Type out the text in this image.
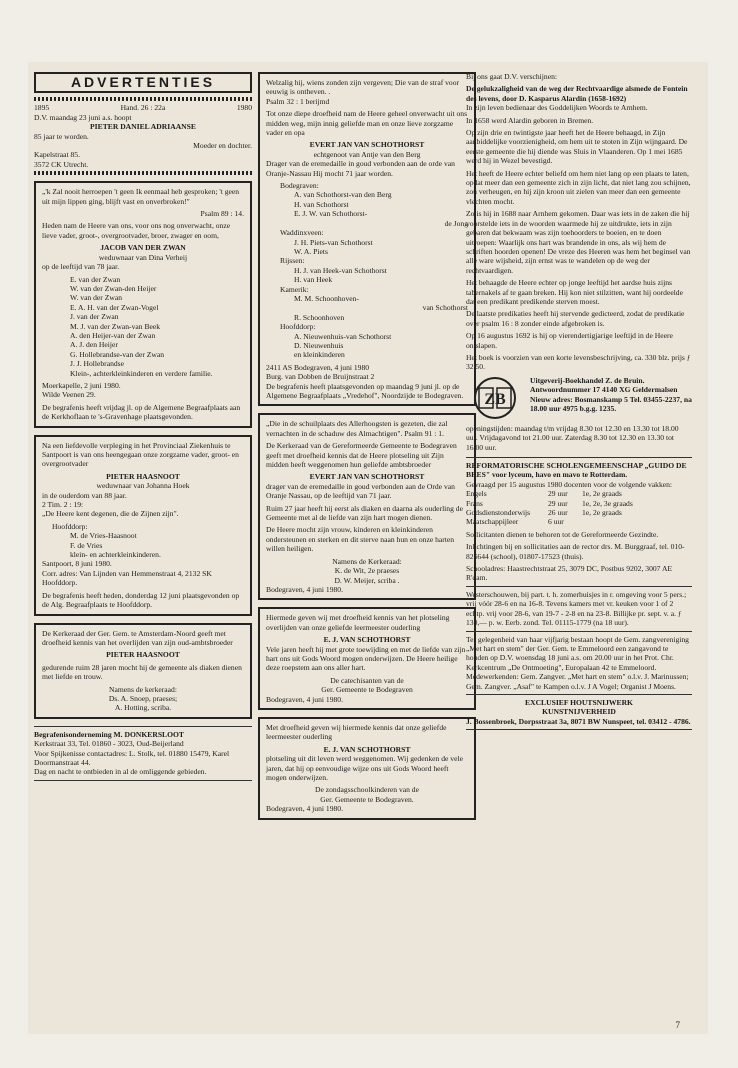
ADVERTENTIES
1895	Hand. 26 : 22a	1980
D.V. maandag 23 juni a.s. hoopt
PIETER DANIEL ADRIAANSE
85 jaar te worden.
Moeder en dochter.
Kapelstraat 85.
3572 CK Utrecht.
„'k Zal nooit herroepen 't geen Ik eenmaal heb gesproken; 't geen uit mijn lippen ging, blijft vast en onverbroken!"
Psalm 89 : 14.
Heden nam de Heere van ons, voor ons nog onverwacht, onze lieve vader, groot-, overgrootvader, broer, zwager en oom,
JACOB VAN DER ZWAN
weduwnaar van Dina Verheij
op de leeftijd van 78 jaar.
E. van der Zwan
W. van der Zwan-den Heijer
W. van der Zwan
E. A. H. van der Zwan-Vogel
J. van der Zwan
M. J. van der Zwan-van Beek
A. den Heijer-van der Zwan
A. J. den Heijer
G. Hollebrandse-van der Zwan
J. J. Hollebrandse
Klein-, achterkleinkinderen en verdere familie.
Moerkapelle, 2 juni 1980.
Wilde Veenen 29.
De begrafenis heeft vrijdag jl. op de Algemene Begraafplaats aan de Kerkhoflaan te 's-Gravenhage plaatsgevonden.
Na een liefdevolle verpleging in het Provinciaal Ziekenhuis te Santpoort is van ons heengegaan onze zorgzame vader, groot- en overgrootvader
PIETER HAASNOOT
weduwnaar van Johanna Hoek
in de ouderdom van 88 jaar.
2 Tim. 2 : 19:
„De Heere kent degenen, die de Zijnen zijn".
Hoofddorp:
M. de Vries-Haasnoot
F. de Vries
klein- en achterkleinkinderen.
Santpoort, 8 juni 1980.
Corr. adres: Van Lijnden van Hemmenstraat 4, 2132 SK Hoofddorp.
De begrafenis heeft heden, donderdag 12 juni plaatsgevonden op de Alg. Begraafplaats te Hoofddorp.
De Kerkeraad der Ger. Gem. te Amsterdam-Noord geeft met droefheid kennis van het overlijden van zijn oud-ambtsbroeder
PIETER HAASNOOT
gedurende ruim 28 jaren mocht hij de gemeente als diaken dienen met liefde en trouw.
Namens de kerkeraad:
Ds. A. Snoep, praeses;
A. Hotting, scriba.
Begrafenisonderneming M. DONKERSLOOT
Kerkstraat 33, Tel. 01860 - 3023, Oud-Beijerland
Voor Spijkenisse contactadres: L. Stolk, tel. 01880 15479, Karel Doormanstraat 44.
Dag en nacht te ontbieden in al de omliggende gebieden.
Welzalig hij, wiens zonden zijn vergeven; Die van de straf voor eeuwig is ontheven. .
Psalm 32 : 1 berijmd
Tot onze diepe droefheid nam de Heere geheel onverwacht uit ons midden weg, mijn innig geliefde man en onze lieve zorgzame vader en opa
EVERT JAN VAN SCHOTHORST
echtgenoot van Antje van den Berg
Drager van de eremedaille in goud verbonden aan de orde van Oranje-Nassau Hij mocht 71 jaar worden.
Bodegraven:
A. van Schothorst-van den Berg
H. van Schothorst
E. J. W. van Schothorst-
de Jong
Waddinxveen:
J. H. Piets-van Schothorst
W. A. Piets
Rijssen:
H. J. van Heek-van Schothorst
H. van Heek
Kamerik:
M. M. Schoonhoven-
van Schothorst
R. Schoonhoven
Hoofddorp:
A. Nieuwenhuis-van Schothorst
D. Nieuwenhuis
en kleinkinderen
2411 AS Bodegraven, 4 juni 1980
Burg. van Dobben de Bruijnstraat 2
De begrafenis heeft plaatsgevonden op maandag 9 juni jl. op de Algemene Begraafplaats „Vredehof", Noordzijde te Bodegraven.
„Die in de schuilplaats des Allerhoogsten is gezeten, die zal vernachten in de schaduw des Almachtigen". Psalm 91 : 1.
De Kerkeraad van de Gereformeerde Gemeente te Bodegraven geeft met droefheid kennis dat de Heere plotseling uit Zijn midden heeft weggenomen hun geliefde ambtsbroeder
EVERT JAN VAN SCHOTHORST
drager van de eremedaille in goud verbonden aan de Orde van Oranje Nassau, op de leeftijd van 71 jaar.
Ruim 27 jaar heeft hij eerst als diaken en daarna als ouderling de Gemeente met al de liefde van zijn hart mogen dienen.
De Heere mocht zijn vrouw, kinderen en kleinkinderen ondersteunen en sterken en dit sterve naan hun en onze harten willen heiligen.
Namens de Kerkeraad:
K. de Wit, 2e praeses
D. W. Meijer, scriba .
Bodegraven, 4 juni 1980.
Hiermede geven wij met droefheid kennis van het plotseling overlijden van onze geliefde leermeester ouderling
E. J. VAN SCHOTHORST
Vele jaren heeft hij met grote toewijding en met de liefde van zijn hart ons uit Gods Woord mogen onderwijzen. De Heere heilige deze roepstem aan ons aller hart.
De catechisanten van de
Ger. Gemeente te Bodegraven
Bodegraven, 4 juni 1980.
Met droefheid geven wij hiermede kennis dat onze geliefde leermeester ouderling
E. J. VAN SCHOTHORST
plotseling uit dit leven werd weggenomen. Wij gedenken de vele jaren, dat hij op eenvoudige wijze ons uit Gods Woord heeft mogen onderwijzen.
De zondagsschoolkinderen van de
Ger. Gemeente te Bodegraven.
Bodegraven, 4 juni 1980.
Bij ons gaat D.V. verschijnen:
De gelukzaligheid van de weg der Rechtvaardige alsmede de Fontein des levens, door D. Kasparus Alardin (1658-1692)
In zijn leven bedienaar des Goddelijken Woords te Arnhem.
In 1658 werd Alardin geboren in Bremen.
Op zijn drie en twintigste jaar heeft het de Heere behaagd, in Zijn aanbiddelijke voorzienigheid, om hem uit te stoten in Zijn wijngaard. De eerste gemeente die hij diende was Sluis in Vlaanderen. Op 1 mei 1685 werd hij in Wezel bevestigd.
Het heeft de Heere echter beliefd om hem niet lang op een plaats te laten, opdat meer dan een gemeente zich in zijn licht, dat niet lang zou schijnen, zou verheugen, en hij zijn kroon uit zielen van meer dan een gemeente vlechten mocht.
Zo is hij in 1688 naar Arnhem gekomen. Daar was iets in de zaken die hij voorstelde iets in de woorden waarmede hij ze uitdrukte, iets in zijn gebaren dat bekwaam was zijn toehoorders te boeien, en te doen uitroepen: Waarlijk ons hart was brandende in ons, als wij hem de schriften hoorden openen! De vreze des Heeren was hem het beginsel van alle ware wijsheid, zijn ernst was te wandelen op de weg der rechtvaardigen.
Het behaagde de Heere echter op jonge leeftijd het aardse huis zijns tabernakels af te gaan breken. Hij kon niet stilzitten, want hij oordeelde dat een predikant predikende sterven moest.
De laatste predikaties heeft hij stervende gedicteerd, zodat de predikatie over psalm 16 : 8 zonder einde afgebroken is.
Op 16 augustus 1692 is hij op vierendertigjarige leeftijd in de Heere ontslapen.
Het boek is voorzien van een korte levensbeschrijving, ca. 330 blz. prijs ƒ 32,50.
ZB
Uitgeverij-Boekhandel Z. de Bruin. Antwoordnummer 17 4140 XG Geldermalsen Nieuw adres: Bosmanskamp 5 Tel. 03455-2237, na 18.00 uur 4975 b.g.g. 1235.
openingstijden: maandag t/m vrijdag 8.30 tot 12.30 en 13.30 tot 18.00 uur. Vrijdagavond tot 21.00 uur. Zaterdag 8.30 tot 12.30 en 13.30 tot 16.00 uur.
REFORMATORISCHE SCHOLENGEMEENSCHAP „GUIDO DE BRES" voor lyceum, havo en mavo te Rotterdam.
Gevraagd per 15 augustus 1980 docenten voor de volgende vakken:
Engels	29 uur	1e, 2e graads
Frans	29 uur	1e, 2e, 3e graads
Godsdienstonderwijs	26 uur	1e, 2e graads
Maatschappijleer	6 uur
Sollicitanten dienen te behoren tot de Gereformeerde Gezindte.
Inlichtingen bij en sollicitaties aan de rector drs. M. Burggraaf, tel. 010-826644 (school), 01807-17523 (thuis).
Schooladres: Haastrechtstraat 25, 3079 DC, Postbus 9202, 3007 AE R'dam.
Westerschouwen, bij part. t. h. zomerhuisjes in r. omgeving voor 5 pers.; vrij vóór 28-6 en na 16-8. Tevens kamers met vr. keuken voor 1 of 2 echtp. vrij voor 28-6, van 19-7 - 2-8 en na 23-8. Billijke pr. sept. v. a. ƒ 130,— p. w. Eerb. zond. Tel. 01115-1779 (na 18 uur).
Ter gelegenheid van haar vijfjarig bestaan hoopt de Gem. zangvereniging „Met hart en stem" der Ger. Gem. te Emmeloord een zangavond te houden op D.V. woensdag 18 juni a.s. om 20.00 uur in het Prot. Chr. Kerkcentrum „De Ontmoeting", Europalaan 42 te Emmeloord. Medewerkenden: Gem. Zangver. „Met hart en stem" o.l.v. J. Marinussen; Gem. Zangver. „Asaf" te Kampen o.l.v. J A Vogel; Organist J Moens.
EXCLUSIEF HOUTSNIJWERK
KUNSTNIJVERHEID
J. Bossenbroek, Dorpsstraat 3a, 8071 BW Nunspeet, tel. 03412 - 4786.
7
